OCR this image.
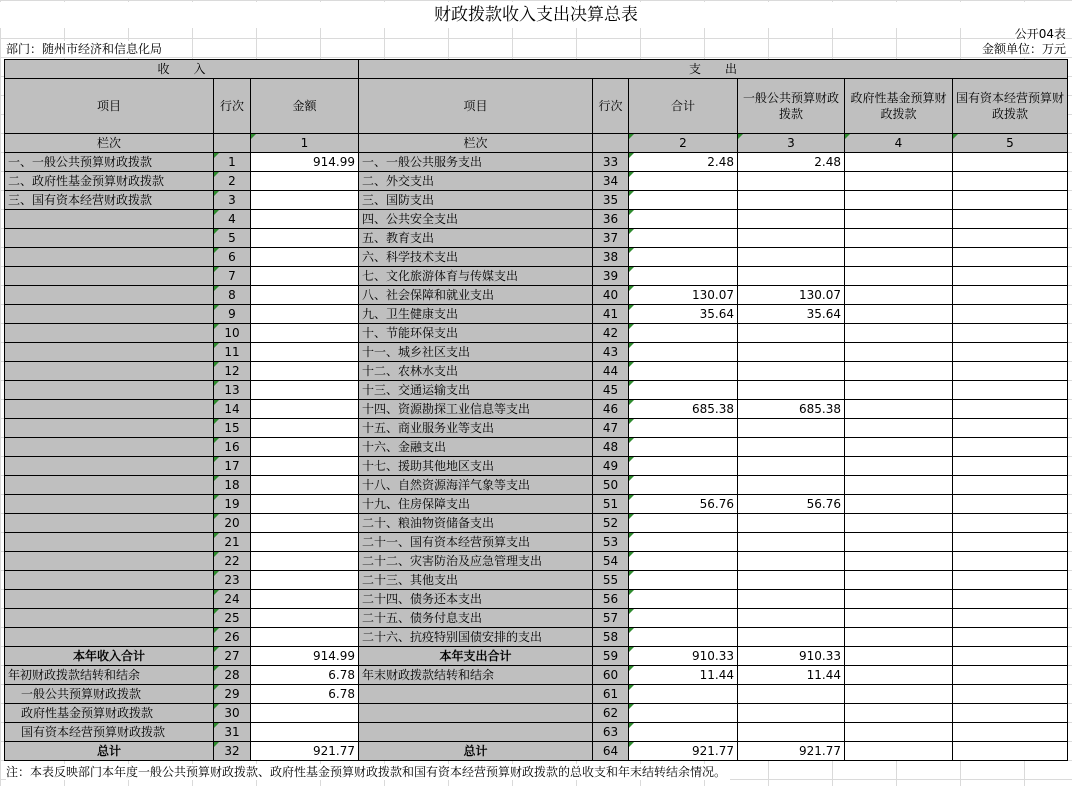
财政拨款收入支出决算总表
公开04表
部门：随州市经济和信息化局	金额单位：万元
收　　入			支　　出					
项目	行次	金额	项目	行次	合计	一般公共预算财政拨款	政府性基金预算财政拨款	国有资本经营预算财政拨款
栏次		1	栏次		2	3	4	5
一、一般公共预算财政拨款	1	914.99	一、一般公共服务支出	33	2.48	2.48		
二、政府性基金预算财政拨款	2		二、外交支出	34				
三、国有资本经营财政拨款	3		三、国防支出	35				
	4		四、公共安全支出	36				
	5		五、教育支出	37				
	6		六、科学技术支出	38				
	7		七、文化旅游体育与传媒支出	39				
	8		八、社会保障和就业支出	40	130.07	130.07		
	9		九、卫生健康支出	41	35.64	35.64		
	10		十、节能环保支出	42				
	11		十一、城乡社区支出	43				
	12		十二、农林水支出	44				
	13		十三、交通运输支出	45				
	14		十四、资源勘探工业信息等支出	46	685.38	685.38		
	15		十五、商业服务业等支出	47				
	16		十六、金融支出	48				
	17		十七、援助其他地区支出	49				
	18		十八、自然资源海洋气象等支出	50				
	19		十九、住房保障支出	51	56.76	56.76		
	20		二十、粮油物资储备支出	52				
	21		二十一、国有资本经营预算支出	53				
	22		二十二、灾害防治及应急管理支出	54				
	23		二十三、其他支出	55				
	24		二十四、债务还本支出	56				
	25		二十五、债务付息支出	57				
	26		二十六、抗疫特别国债安排的支出	58				
本年收入合计	27	914.99	本年支出合计	59	910.33	910.33		
年初财政拨款结转和结余	28	6.78	年末财政拨款结转和结余	60	11.44	11.44		
一般公共预算财政拨款	29	6.78		61				
政府性基金预算财政拨款	30			62				
国有资本经营预算财政拨款	31			63				
总计	32	921.77	总计	64	921.77	921.77		
注：本表反映部门本年度一般公共预算财政拨款、政府性基金预算财政拨款和国有资本经营预算财政拨款的总收支和年末结转结余情况。
